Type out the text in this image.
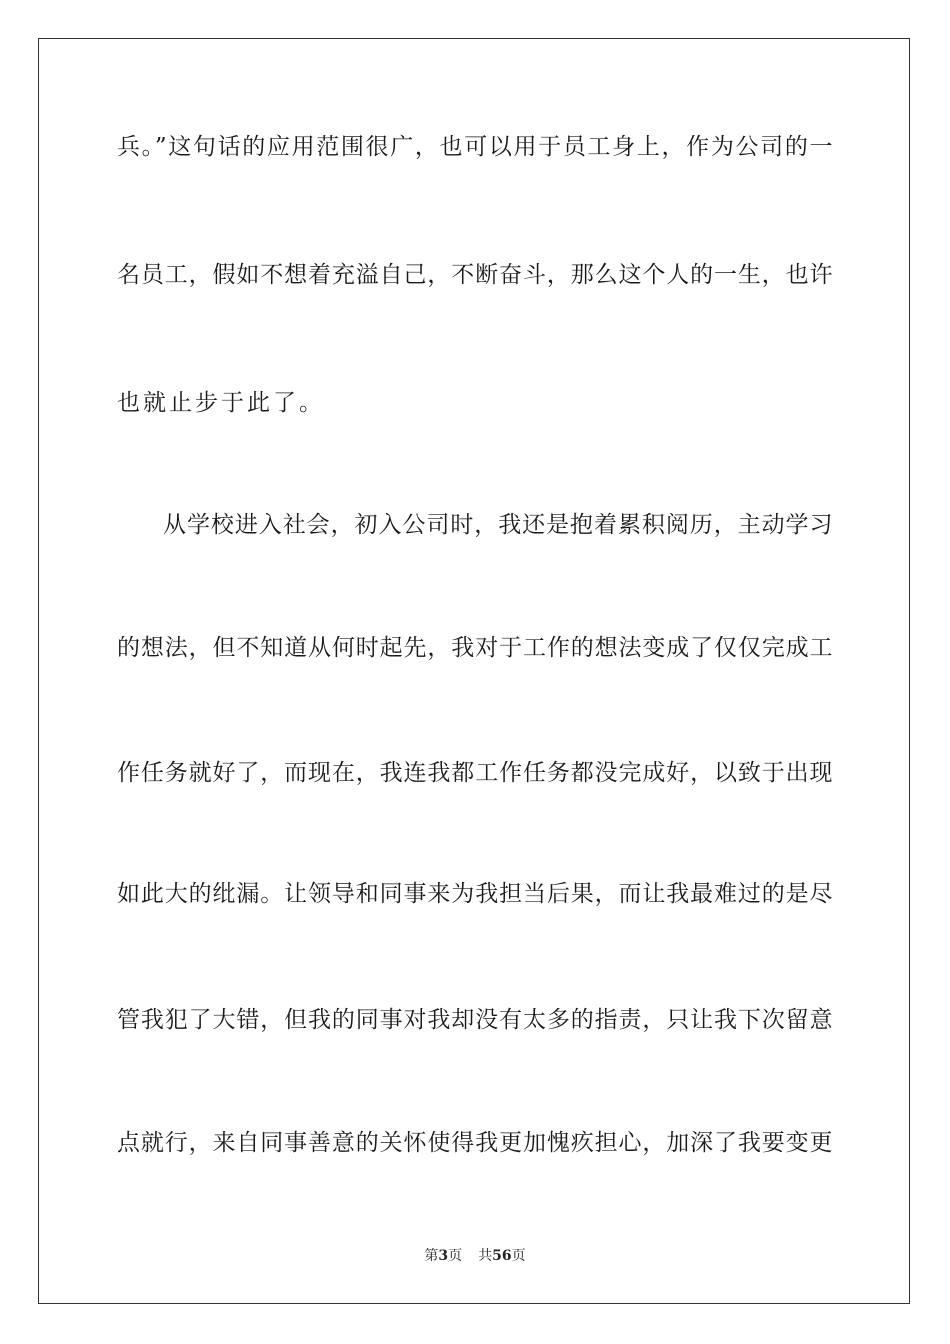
兵。”这句话的应用范围很广，也可以用于员工身上，作为公司的一
名员工，假如不想着充溢自己，不断奋斗，那么这个人的一生，也许
也就止步于此了。
从学校进入社会，初入公司时，我还是抱着累积阅历，主动学习
的想法，但不知道从何时起先，我对于工作的想法变成了仅仅完成工
作任务就好了，而现在，我连我都工作任务都没完成好，以致于出现
如此大的纰漏。让领导和同事来为我担当后果，而让我最难过的是尽
管我犯了大错，但我的同事对我却没有太多的指责，只让我下次留意
点就行，来自同事善意的关怀使得我更加愧疚担心，加深了我要变更
第3页 共56页
